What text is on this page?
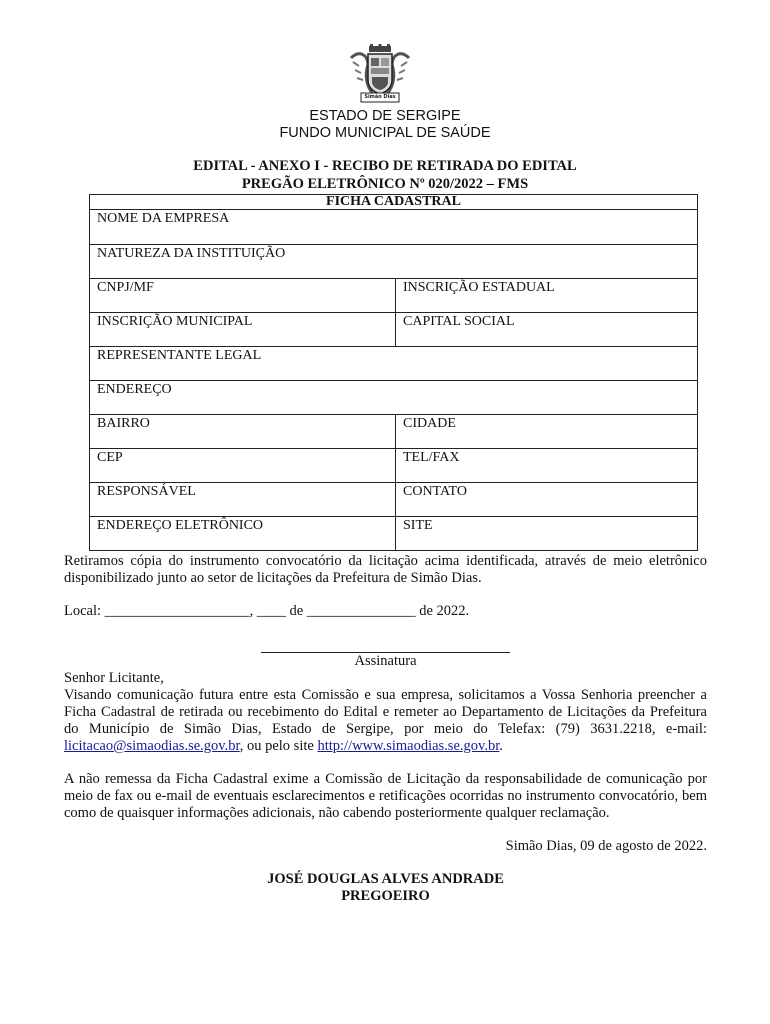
Simão Dias
ESTADO DE SERGIPE
FUNDO MUNICIPAL DE SAÚDE
EDITAL - ANEXO I - RECIBO DE RETIRADA DO EDITAL
PREGÃO ELETRÔNICO Nº 020/2022 – FMS
FICHA CADASTRAL	
NOME DA EMPRESA	
NATUREZA DA INSTITUIÇÃO	
CNPJ/MF	INSCRIÇÃO ESTADUAL
INSCRIÇÃO MUNICIPAL	CAPITAL SOCIAL
REPRESENTANTE LEGAL	
ENDEREÇO	
BAIRRO	CIDADE
CEP	TEL/FAX
RESPONSÁVEL	CONTATO
ENDEREÇO ELETRÔNICO	SITE
Retiramos cópia do instrumento convocatório da licitação acima identificada, através de meio eletrônico disponibilizado junto ao setor de licitações da Prefeitura de Simão Dias.
Local: ____________________, ____ de _______________ de 2022.
Assinatura
Senhor Licitante,
Visando comunicação futura entre esta Comissão e sua empresa, solicitamos a Vossa Senhoria preencher a Ficha Cadastral de retirada ou recebimento do Edital e remeter ao Departamento de Licitações da Prefeitura do Município de Simão Dias, Estado de Sergipe, por meio do Telefax: (79) 3631.2218, e-mail: licitacao@simaodias.se.gov.br, ou pelo site http://www.simaodias.se.gov.br.
A não remessa da Ficha Cadastral exime a Comissão de Licitação da responsabilidade de comunicação por meio de fax ou e-mail de eventuais esclarecimentos e retificações ocorridas no instrumento convocatório, bem como de quaisquer informações adicionais, não cabendo posteriormente qualquer reclamação.
Simão Dias, 09 de agosto de 2022.
JOSÉ DOUGLAS ALVES ANDRADE
PREGOEIRO
